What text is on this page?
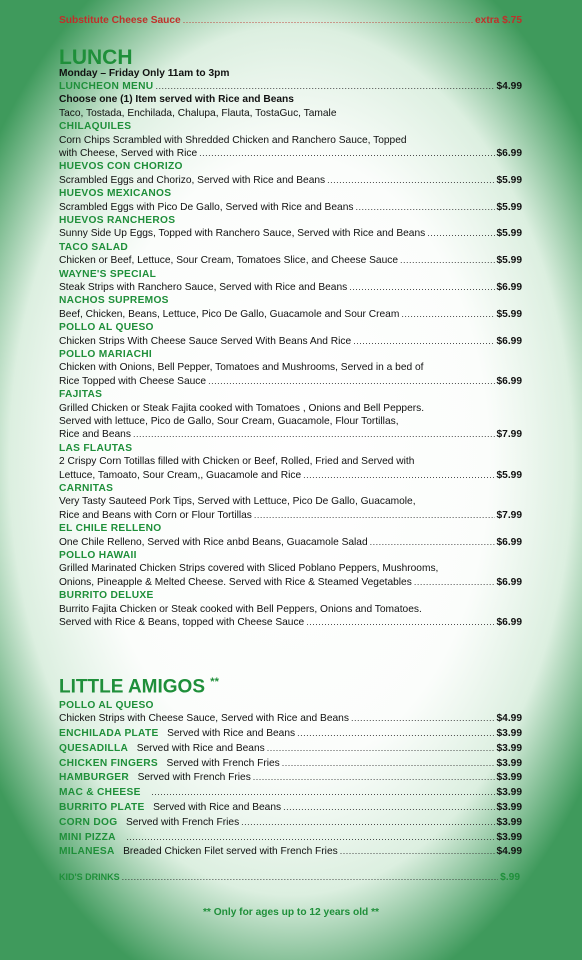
Substitute Cheese Sauce .....	extra $.75
LUNCH
Monday – Friday Only 11am to 3pm
LUNCHEON MENU .....	$4.99
Choose one (1) Item served with Rice and Beans
Taco, Tostada, Enchilada, Chalupa, Flauta, TostaGuc, Tamale
CHILAQUILES
Corn Chips Scrambled with Shredded Chicken and Ranchero Sauce, Topped
with Cheese, Served with Rice .....	$6.99
HUEVOS CON CHORIZO
Scrambled Eggs and Chorizo, Served with Rice and Beans .....	$5.99
HUEVOS MEXICANOS
Scrambled Eggs with Pico De Gallo, Served with Rice and Beans .....	$5.99
HUEVOS RANCHEROS
Sunny Side Up Eggs, Topped with Ranchero Sauce, Served with Rice and Beans .....	$5.99
TACO SALAD
Chicken or Beef, Lettuce, Sour Cream, Tomatoes Slice, and Cheese Sauce .....	$5.99
WAYNE'S SPECIAL
Steak Strips with Ranchero Sauce, Served with Rice and Beans .....	$6.99
NACHOS SUPREMOS
Beef, Chicken, Beans, Lettuce, Pico De Gallo, Guacamole and Sour Cream .....	$5.99
POLLO AL QUESO
Chicken Strips With Cheese Sauce Served With Beans And Rice .....	$6.99
POLLO MARIACHI
Chicken with Onions, Bell Pepper, Tomatoes and Mushrooms, Served in a bed of
Rice Topped with Cheese Sauce .....	$6.99
FAJITAS
Grilled Chicken or Steak Fajita cooked with Tomatoes , Onions and Bell Peppers.
Served with lettuce, Pico de Gallo, Sour Cream, Guacamole, Flour Tortillas,
Rice and Beans .....	$7.99
LAS FLAUTAS
2 Crispy Corn Totillas filled with Chicken or Beef, Rolled, Fried and Served with
Lettuce, Tamoato, Sour Cream,, Guacamole and Rice .....	$5.99
CARNITAS
Very Tasty Sauteed Pork Tips, Served with Lettuce, Pico De Gallo, Guacamole,
Rice and Beans with Corn or Flour Tortillas .....	$7.99
EL CHILE RELLENO
One Chile Relleno, Served with Rice anbd Beans, Guacamole Salad .....	$6.99
POLLO HAWAII
Grilled Marinated Chicken Strips covered with Sliced Poblano Peppers, Mushrooms,
Onions, Pineapple & Melted Cheese. Served with Rice & Steamed Vegetables .....	$6.99
BURRITO DELUXE
Burrito Fajita Chicken or Steak cooked with Bell Peppers, Onions and Tomatoes.
Served with Rice & Beans, topped with Cheese Sauce .....	$6.99
LITTLE AMIGOS **
POLLO AL QUESO
Chicken Strips with Cheese Sauce, Served with Rice and Beans .....	$4.99
ENCHILADA PLATE Served with Rice and Beans .....	$3.99
QUESADILLA Served with Rice and Beans .....	$3.99
CHICKEN FINGERS Served with French Fries .....	$3.99
HAMBURGER Served with French Fries .....	$3.99
MAC & CHEESE .....	$3.99
BURRITO PLATE Served with Rice and Beans .....	$3.99
CORN DOG Served with French Fries .....	$3.99
MINI PIZZA .....	$3.99
MILANESA Breaded Chicken Filet served with French Fries .....	$4.99
KID'S DRINKS .....	$.99
** Only for ages up to 12 years old **
